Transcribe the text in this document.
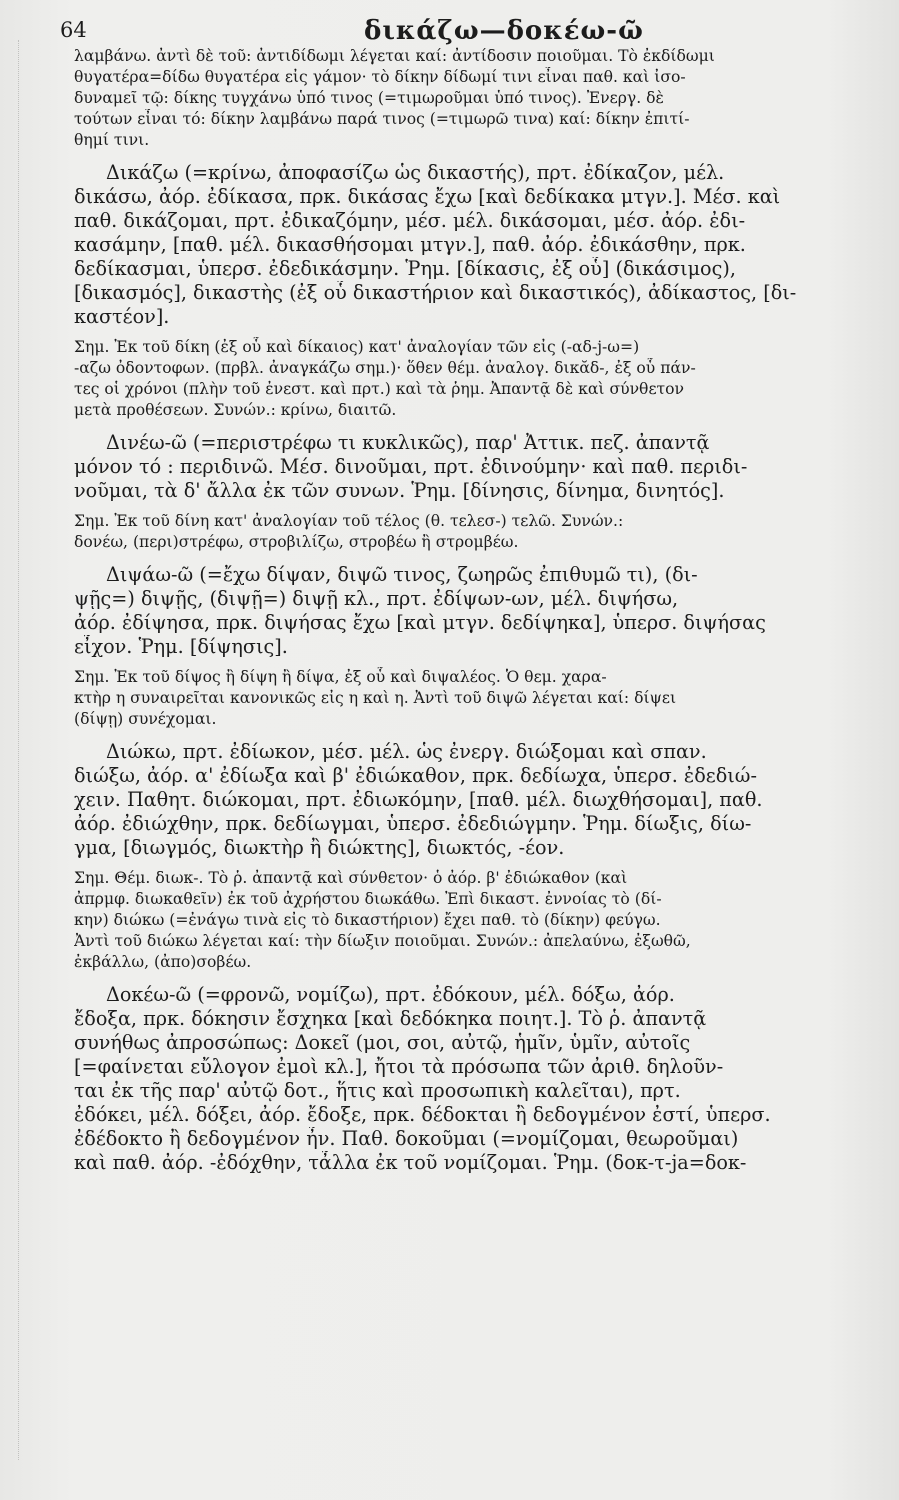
64	δικάζω—δοκέω-ῶ
λαμβάνω. ἀντὶ δὲ τοῦ: ἀντιδίδωμι λέγεται καί: ἀντίδοσιν ποιοῦμαι. Τὸ ἐκδίδωμι
θυγατέρα=δίδω θυγατέρα εἰς γάμον· τὸ δίκην δίδωμί τινι εἶναι παθ. καὶ ἰσο-
δυναμεῖ τῷ: δίκης τυγχάνω ὑπό τινος (=τιμωροῦμαι ὑπό τινος). Ἐνεργ. δὲ
τούτων εἶναι τό: δίκην λαμβάνω παρά τινος (=τιμωρῶ τινα) καί: δίκην ἐπιτί-
θημί τινι.
Δικάζω (=κρίνω, ἀποφασίζω ὡς δικαστής), πρτ. ἐδίκαζον, μέλ.
δικάσω, ἀόρ. ἐδίκασα, πρκ. δικάσας ἔχω [καὶ δεδίκακα μτγν.]. Μέσ. καὶ
παθ. δικάζομαι, πρτ. ἐδικαζόμην, μέσ. μέλ. δικάσομαι, μέσ. ἀόρ. ἐδι-
κασάμην, [παθ. μέλ. δικασθήσομαι μτγν.], παθ. ἀόρ. ἐδικάσθην, πρκ.
δεδίκασμαι, ὑπερσ. ἐδεδικάσμην. Ῥημ. [δίκασις, ἐξ οὗ] (δικάσιμος),
[δικασμός], δικαστὴς (ἐξ οὗ δικαστήριον καὶ δικαστικός), ἀδίκαστος, [δι-
καστέον].
Σημ. Ἐκ τοῦ δίκη (ἐξ οὗ καὶ δίκαιος) κατ' ἀναλογίαν τῶν εἰς (-αδ-j-ω=)
-αζω ὀδοντοφων. (πρβλ. ἀναγκάζω σημ.)· ὅθεν θέμ. ἀναλογ. δικᾰδ-, ἐξ οὗ πάν-
τες οἱ χρόνοι (πλὴν τοῦ ἐνεστ. καὶ πρτ.) καὶ τὰ ῥημ. Ἀπαντᾷ δὲ καὶ σύνθετον
μετὰ προθέσεων. Συνών.: κρίνω, διαιτῶ.
Δινέω-ῶ (=περιστρέφω τι κυκλικῶς), παρ' Ἀττικ. πεζ. ἀπαντᾷ
μόνον τό : περιδινῶ. Μέσ. δινοῦμαι, πρτ. ἐδινούμην· καὶ παθ. περιδι-
νοῦμαι, τὰ δ' ἄλλα ἐκ τῶν συνων. Ῥημ. [δίνησις, δίνημα, δινητός].
Σημ. Ἐκ τοῦ δίνη κατ' ἀναλογίαν τοῦ τέλος (θ. τελεσ-) τελῶ. Συνών.:
δονέω, (περι)στρέφω, στροβιλίζω, στροβέω ἢ στρομβέω.
Διψάω-ῶ (=ἔχω δίψαν, διψῶ τινος, ζωηρῶς ἐπιθυμῶ τι), (δι-
ψῇς=) διψῇς, (διψῇ=) διψῇ κλ., πρτ. ἐδίψων-ων, μέλ. διψήσω,
ἀόρ. ἐδίψησα, πρκ. διψήσας ἔχω [καὶ μτγν. δεδίψηκα], ὑπερσ. διψήσας
εἶχον. Ῥημ. [δίψησις].
Σημ. Ἐκ τοῦ δίψος ἢ δίψη ἢ δίψα, ἐξ οὗ καὶ διψαλέος. Ὁ θεμ. χαρα-
κτὴρ η συναιρεῖται κανονικῶς εἰς η καὶ η. Ἀντὶ τοῦ διψῶ λέγεται καί: δίψει
(δίψῃ) συνέχομαι.
Διώκω, πρτ. ἐδίωκον, μέσ. μέλ. ὡς ἐνεργ. διώξομαι καὶ σπαν.
διώξω, ἀόρ. α' ἐδίωξα καὶ β' ἐδιώκαθον, πρκ. δεδίωχα, ὑπερσ. ἐδεδιώ-
χειν. Παθητ. διώκομαι, πρτ. ἐδιωκόμην, [παθ. μέλ. διωχθήσομαι], παθ.
ἀόρ. ἐδιώχθην, πρκ. δεδίωγμαι, ὑπερσ. ἐδεδιώγμην. Ῥημ. δίωξις, δίω-
γμα, [διωγμός, διωκτὴρ ἢ διώκτης], διωκτός, -έον.
Σημ. Θέμ. διωκ-. Τὸ ῥ. ἀπαντᾷ καὶ σύνθετον· ὁ ἀόρ. β' ἐδιώκαθον (καὶ
ἀπρμφ. διωκαθεῖν) ἐκ τοῦ ἀχρήστου διωκάθω. Ἐπὶ δικαστ. ἐννοίας τὸ (δί-
κην) διώκω (=ἐνάγω τινὰ εἰς τὸ δικαστήριον) ἔχει παθ. τὸ (δίκην) φεύγω.
Ἀντὶ τοῦ διώκω λέγεται καί: τὴν δίωξιν ποιοῦμαι. Συνών.: ἀπελαύνω, ἐξωθῶ,
ἐκβάλλω, (ἀπο)σοβέω.
Δοκέω-ῶ (=φρονῶ, νομίζω), πρτ. ἐδόκουν, μέλ. δόξω, ἀόρ.
ἔδοξα, πρκ. δόκησιν ἔσχηκα [καὶ δεδόκηκα ποιητ.]. Τὸ ῥ. ἀπαντᾷ
συνήθως ἀπροσώπως: Δοκεῖ (μοι, σοι, αὐτῷ, ἡμῖν, ὑμῖν, αὐτοῖς
[=φαίνεται εὔλογον ἐμοὶ κλ.], ἤτοι τὰ πρόσωπα τῶν ἀριθ. δηλοῦν-
ται ἐκ τῆς παρ' αὐτῷ δοτ., ἥτις καὶ προσωπικὴ καλεῖται), πρτ.
ἐδόκει, μέλ. δόξει, ἀόρ. ἔδοξε, πρκ. δέδοκται ἢ δεδογμένον ἐστί, ὑπερσ.
ἐδέδοκτο ἢ δεδογμένον ἦν. Παθ. δοκοῦμαι (=νομίζομαι, θεωροῦμαι)
καὶ παθ. ἀόρ. -ἐδόχθην, τἆλλα ἐκ τοῦ νομίζομαι. Ῥημ. (δοκ-τ-ja=δοκ-
